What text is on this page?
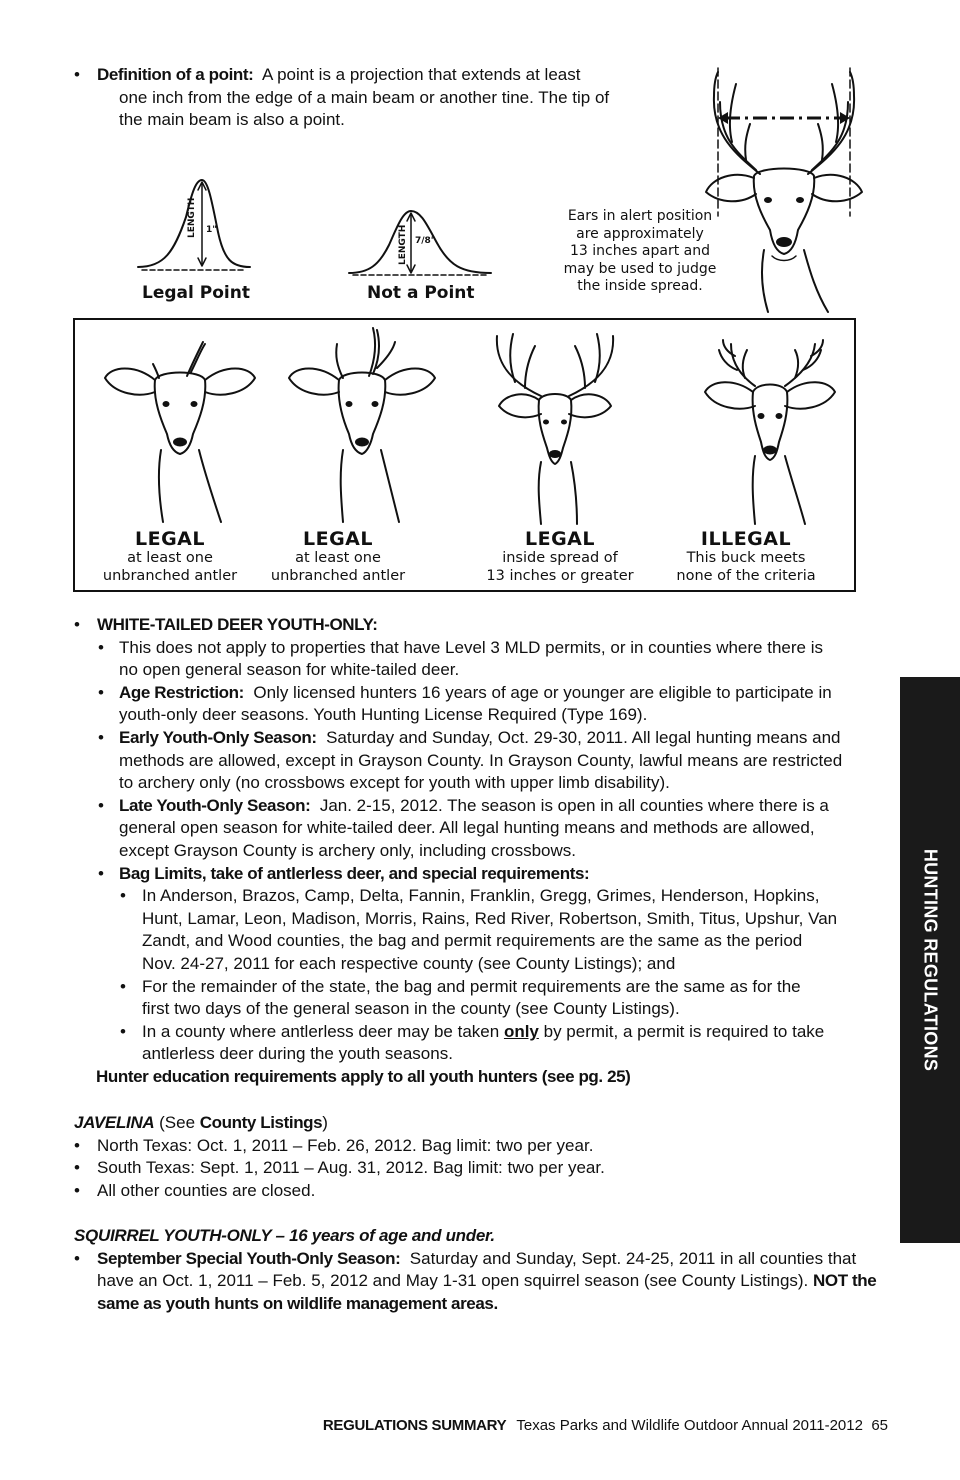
• Definition of a point: A point is a projection that extends at least
one inch from the edge of a main beam or another tine. The tip of
the main beam is also a point.
LENGTH 1"
Legal Point
LENGTH 7/8"
Not a Point
Ears in alert position
are approximately
13 inches apart and
may be used to judge
the inside spread.
LEGAL
at least one
unbranched antler
LEGAL
at least one
unbranched antler
LEGAL
inside spread of
13 inches or greater
ILLEGAL
This buck meets
none of the criteria
• WHITE-TAILED DEER YOUTH-ONLY:
• This does not apply to properties that have Level 3 MLD permits, or in counties where there is
no open general season for white-tailed deer.
• Age Restriction: Only licensed hunters 16 years of age or younger are eligible to participate in
youth-only deer seasons. Youth Hunting License Required (Type 169).
• Early Youth-Only Season: Saturday and Sunday, Oct. 29-30, 2011. All legal hunting means and
methods are allowed, except in Grayson County. In Grayson County, lawful means are restricted
to archery only (no crossbows except for youth with upper limb disability).
• Late Youth-Only Season: Jan. 2-15, 2012. The season is open in all counties where there is a
general open season for white-tailed deer. All legal hunting means and methods are allowed,
except Grayson County is archery only, including crossbows.
• Bag Limits, take of antlerless deer, and special requirements:
• In Anderson, Brazos, Camp, Delta, Fannin, Franklin, Gregg, Grimes, Henderson, Hopkins,
Hunt, Lamar, Leon, Madison, Morris, Rains, Red River, Robertson, Smith, Titus, Upshur, Van
Zandt, and Wood counties, the bag and permit requirements are the same as the period
Nov. 24-27, 2011 for each respective county (see County Listings); and
• For the remainder of the state, the bag and permit requirements are the same as for the
first two days of the general season in the county (see County Listings).
• In a county where antlerless deer may be taken only by permit, a permit is required to take
antlerless deer during the youth seasons.
Hunter education requirements apply to all youth hunters (see pg. 25)
JAVELINA (See County Listings)
• North Texas: Oct. 1, 2011 – Feb. 26, 2012. Bag limit: two per year.
• South Texas: Sept. 1, 2011 – Aug. 31, 2012. Bag limit: two per year.
• All other counties are closed.
SQUIRREL YOUTH-ONLY – 16 years of age and under.
• September Special Youth-Only Season: Saturday and Sunday, Sept. 24-25, 2011 in all counties that
have an Oct. 1, 2011 – Feb. 5, 2012 and May 1-31 open squirrel season (see County Listings). NOT the
same as youth hunts on wildlife management areas.
HUNTING REGULATIONS
REGULATIONS SUMMARY Texas Parks and Wildlife Outdoor Annual 2011-2012 65
